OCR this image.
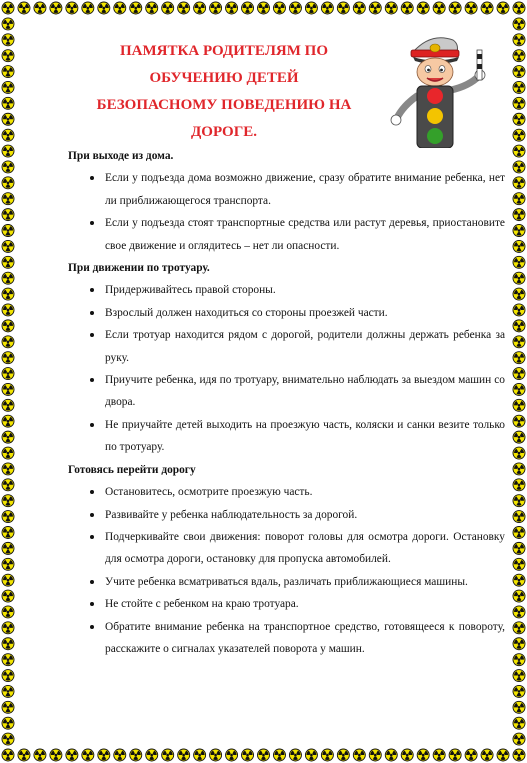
ПАМЯТКА РОДИТЕЛЯМ ПО
ОБУЧЕНИЮ ДЕТЕЙ
БЕЗОПАСНОМУ ПОВЕДЕНИЮ НА
ДОРОГЕ.

При выходе из дома.

Если у подъезда дома возможно движение, сразу обратите внимание ребенка, нет ли приближающегося транспорта.
Если у подъезда стоят транспортные средства или растут деревья, приостановите свое движение и оглядитесь – нет ли опасности.

При движении по тротуару.

Придерживайтесь правой стороны.
Взрослый должен находиться со стороны проезжей части.
Если тротуар находится рядом с дорогой, родители должны держать ребенка за руку.
Приучите ребенка, идя по тротуару, внимательно наблюдать за выездом машин со двора.
Не приучайте детей выходить на проезжую часть, коляски и санки везите только по тротуару.

Готовясь перейти дорогу

Остановитесь, осмотрите проезжую часть.
Развивайте у ребенка наблюдательность за дорогой.
Подчеркивайте свои движения: поворот головы для осмотра дороги. Остановку для осмотра дороги, остановку для пропуска автомобилей.
Учите ребенка всматриваться вдаль, различать приближающиеся машины.
Не стойте с ребенком на краю тротуара.
Обратите внимание ребенка на транспортное средство, готовящееся к повороту, расскажите о сигналах указателей поворота у машин.
